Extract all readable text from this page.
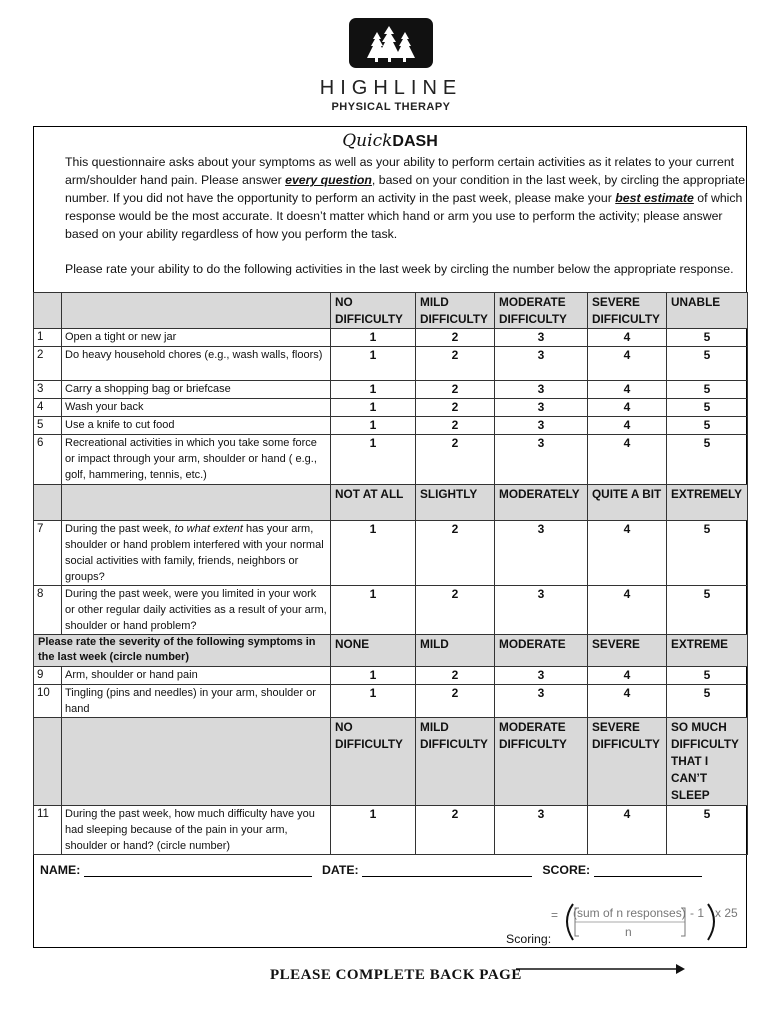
HIGHLINE
PHYSICAL THERAPY
QuickDASH
This questionnaire asks about your symptoms as well as your ability to perform certain activities as it relates to your current arm/shoulder hand pain. Please answer every question, based on your condition in the last week, by circling the appropriate number. If you did not have the opportunity to perform an activity in the past week, please make your best estimate of which response would be the most accurate. It doesn’t matter which hand or arm you use to perform the activity; please answer based on your ability regardless of how you perform the task.
Please rate your ability to do the following activities in the last week by circling the number below the appropriate response.
		NO DIFFICULTY	MILD DIFFICULTY	MODERATE DIFFICULTY	SEVERE DIFFICULTY	UNABLE
1	Open a tight or new jar	1	2	3	4	5
2	Do heavy household chores (e.g., wash walls, floors)	1	2	3	4	5
3	Carry a shopping bag or briefcase	1	2	3	4	5
4	Wash your back	1	2	3	4	5
5	Use a knife to cut food	1	2	3	4	5
6	Recreational activities in which you take some force or impact through your arm, shoulder or hand ( e.g., golf, hammering, tennis, etc.)	1	2	3	4	5
		NOT AT ALL	SLIGHTLY	MODERATELY	QUITE A BIT	EXTREMELY
7	During the past week, to what extent has your arm, shoulder or hand problem interfered with your normal social activities with family, friends, neighbors or groups?	1	2	3	4	5
8	During the past week, were you limited in your work or other regular daily activities as a result of your arm, shoulder or hand problem?	1	2	3	4	5
Please rate the severity of the following symptoms in the last week (circle number)		NONE	MILD	MODERATE	SEVERE	EXTREME
9	Arm, shoulder or hand pain	1	2	3	4	5
10	Tingling (pins and needles) in your arm, shoulder or hand	1	2	3	4	5
		NO DIFFICULTY	MILD DIFFICULTY	MODERATE DIFFICULTY	SEVERE DIFFICULTY	SO MUCH DIFFICULTY THAT I CAN’T SLEEP
11	During the past week, how much difficulty have you had sleeping because of the pain in your arm, shoulder or hand? (circle number)	1	2	3	4	5
NAME:	DATE:	SCORE:
= (sum of n responses) - 1 x 25
n
Scoring:
PLEASE COMPLETE BACK PAGE
